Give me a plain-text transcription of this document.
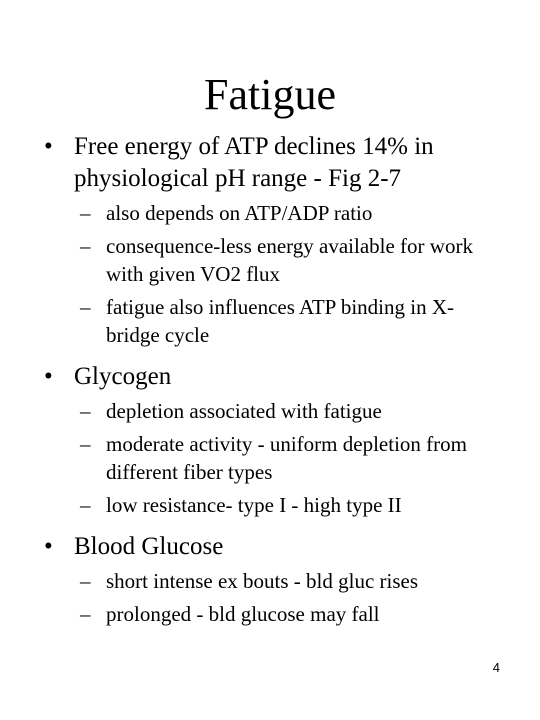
Fatigue
• Free energy of ATP declines 14% in physiological pH range - Fig 2-7
– also depends on ATP/ADP ratio
– consequence-less energy available for work with given VO2 flux
– fatigue also influences ATP binding in X-bridge cycle
• Glycogen
– depletion associated with fatigue
– moderate activity - uniform depletion from different fiber types
– low resistance- type I - high type II
• Blood Glucose
– short intense ex bouts - bld gluc rises
– prolonged - bld glucose may fall
4
